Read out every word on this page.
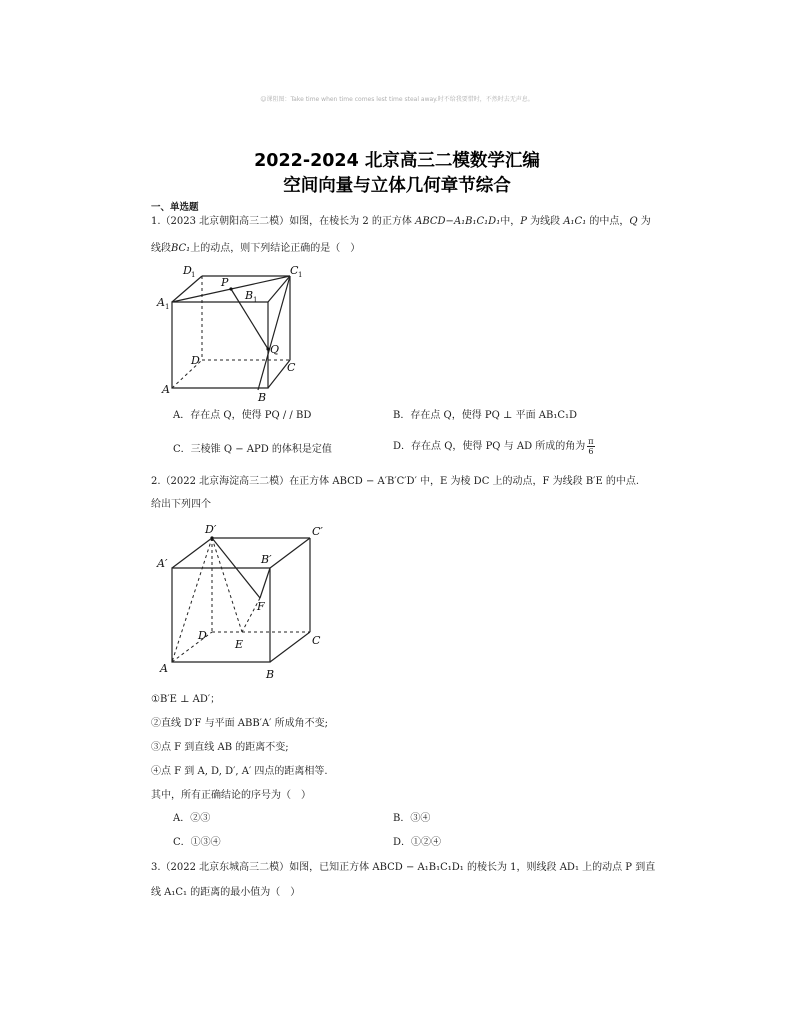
☺课阻图：Take time when time comes lest time steal away.时不给我要惜时，不然时去无声息。
2022-2024 北京高三二模数学汇编
空间向量与立体几何章节综合
一、单选题
1.（2023 北京朝阳高三二模）如图，在棱长为 2 的正方体 ABCD−A₁B₁C₁D₁中，P 为线段 A₁C₁ 的中点，Q 为
线段BC₁上的动点，则下列结论正确的是（　）
D 1	C 1
A 1
B 1
P
Q
D
C
A
B
A．存在点 Q，使得 PQ / / BD	B．存在点 Q，使得 PQ ⊥ 平面 AB₁C₁D
C．三棱锥 Q − APD 的体积是定值	D．存在点 Q，使得 PQ 与 AD 所成的角为 $\frac{\pi}{6}$
2.（2022 北京海淀高三二模）在正方体 ABCD − A′B′C′D′ 中，E 为棱 DC 上的动点，F 为线段 B′E 的中点.
给出下列四个
D′	C′
A′	B′
F
D
E	C
A	B
①B′E ⊥ AD′；
②直线 D′F 与平面 ABB′A′ 所成角不变;
③点 F 到直线 AB 的距离不变;
④点 F 到 A, D, D′, A′ 四点的距离相等.
其中，所有正确结论的序号为（　）
A．②③	B．③④
C．①③④	D．①②④
3.（2022 北京东城高三二模）如图，已知正方体 ABCD − A₁B₁C₁D₁ 的棱长为 1，则线段 AD₁ 上的动点 P 到直
线 A₁C₁ 的距离的最小值为（　）
